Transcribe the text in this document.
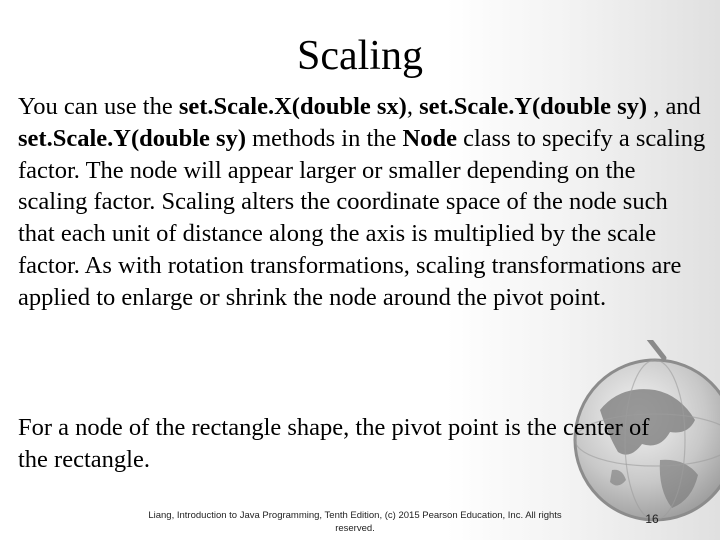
Scaling
You can use the set.Scale.X(double sx), set.Scale.Y(double sy) , and set.Scale.Y(double sy) methods in the Node class to specify a scaling factor. The node will appear larger or smaller depending on the scaling factor. Scaling alters the coordinate space of the node such that each unit of distance along the axis is multiplied by the scale factor. As with rotation transformations, scaling transformations are applied to enlarge or shrink the node around the pivot point.
For a node of the rectangle shape, the pivot point is the center of the rectangle.
Liang, Introduction to Java Programming, Tenth Edition, (c) 2015 Pearson Education, Inc. All rights reserved.
16
